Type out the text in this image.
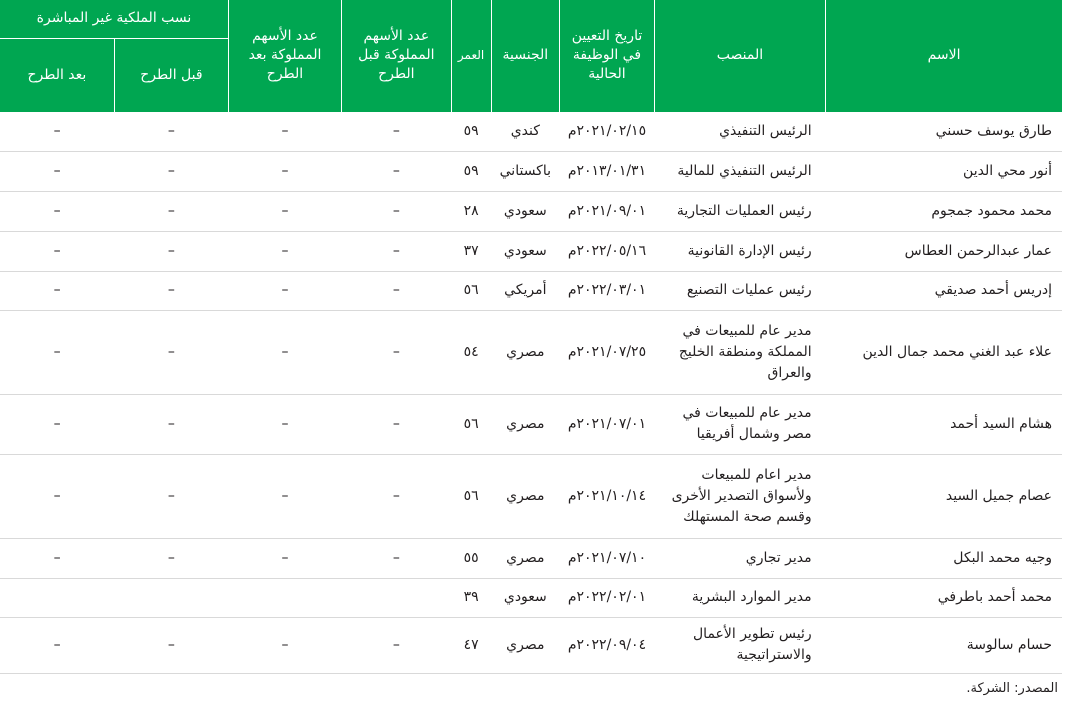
الاسم	المنصب	تاريخ التعيين في الوظيفة الحالية	الجنسية	العمر	عدد الأسهم المملوكة قبل الطرح	عدد الأسهم المملوكة بعد الطرح	نسب الملكية غير المباشرة	
							قبل الطرح	بعد الطرح
طارق يوسف حسني	الرئيس التنفيذي	٢٠٢١/٠٢/١٥م	كندي	٥٩	–	–	–	–
أنور محي الدين	الرئيس التنفيذي للمالية	٢٠١٣/٠١/٣١م	باكستاني	٥٩	–	–	–	–
محمد محمود جمجوم	رئيس العمليات التجارية	٢٠٢١/٠٩/٠١م	سعودي	٢٨	–	–	–	–
عمار عبدالرحمن العطاس	رئيس الإدارة القانونية	٢٠٢٢/٠٥/١٦م	سعودي	٣٧	–	–	–	–
إدريس أحمد صديقي	رئيس عمليات التصنيع	٢٠٢٢/٠٣/٠١م	أمريكي	٥٦	–	–	–	–
علاء عبد الغني محمد جمال الدين	مدير عام للمبيعات في المملكة ومنطقة الخليج والعراق	٢٠٢١/٠٧/٢٥م	مصري	٥٤	–	–	–	–
هشام السيد أحمد	مدير عام للمبيعات في مصر وشمال أفريقيا	٢٠٢١/٠٧/٠١م	مصري	٥٦	–	–	–	–
عصام جميل السيد	مدير اعام للمبيعات ولأسواق التصدير الأخرى وقسم صحة المستهلك	٢٠٢١/١٠/١٤م	مصري	٥٦	–	–	–	–
وجيه محمد البكل	مدير تجاري	٢٠٢١/٠٧/١٠م	مصري	٥٥	–	–	–	–
محمد أحمد باطرفي	مدير الموارد البشرية	٢٠٢٢/٠٢/٠١م	سعودي	٣٩				
حسام سالوسة	رئيس تطوير الأعمال والاستراتيجية	٢٠٢٢/٠٩/٠٤م	مصري	٤٧	–	–	–	–
المصدر: الشركة.
